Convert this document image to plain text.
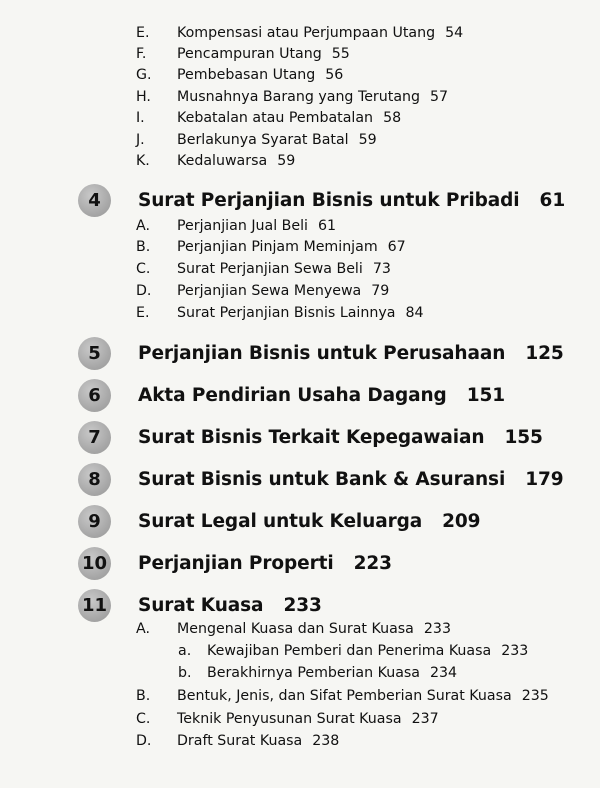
E. Kompensasi atau Perjumpaan Utang 54
F. Pencampuran Utang 55
G. Pembebasan Utang 56
H. Musnahnya Barang yang Terutang 57
I. Kebatalan atau Pembatalan 58
J. Berlakunya Syarat Batal 59
K. Kedaluwarsa 59
4	Surat Perjanjian Bisnis untuk Pribadi 61
A. Perjanjian Jual Beli 61
B. Perjanjian Pinjam Meminjam 67
C. Surat Perjanjian Sewa Beli 73
D. Perjanjian Sewa Menyewa 79
E. Surat Perjanjian Bisnis Lainnya 84
5	Perjanjian Bisnis untuk Perusahaan 125
6	Akta Pendirian Usaha Dagang 151
7	Surat Bisnis Terkait Kepegawaian 155
8	Surat Bisnis untuk Bank & Asuransi 179
9	Surat Legal untuk Keluarga 209
10 Perjanjian Properti 223
11 Surat Kuasa 233
A. Mengenal Kuasa dan Surat Kuasa 233
a. Kewajiban Pemberi dan Penerima Kuasa 233
b. Berakhirnya Pemberian Kuasa 234
B. Bentuk, Jenis, dan Sifat Pemberian Surat Kuasa 235
C. Teknik Penyusunan Surat Kuasa 237
D. Draft Surat Kuasa 238
